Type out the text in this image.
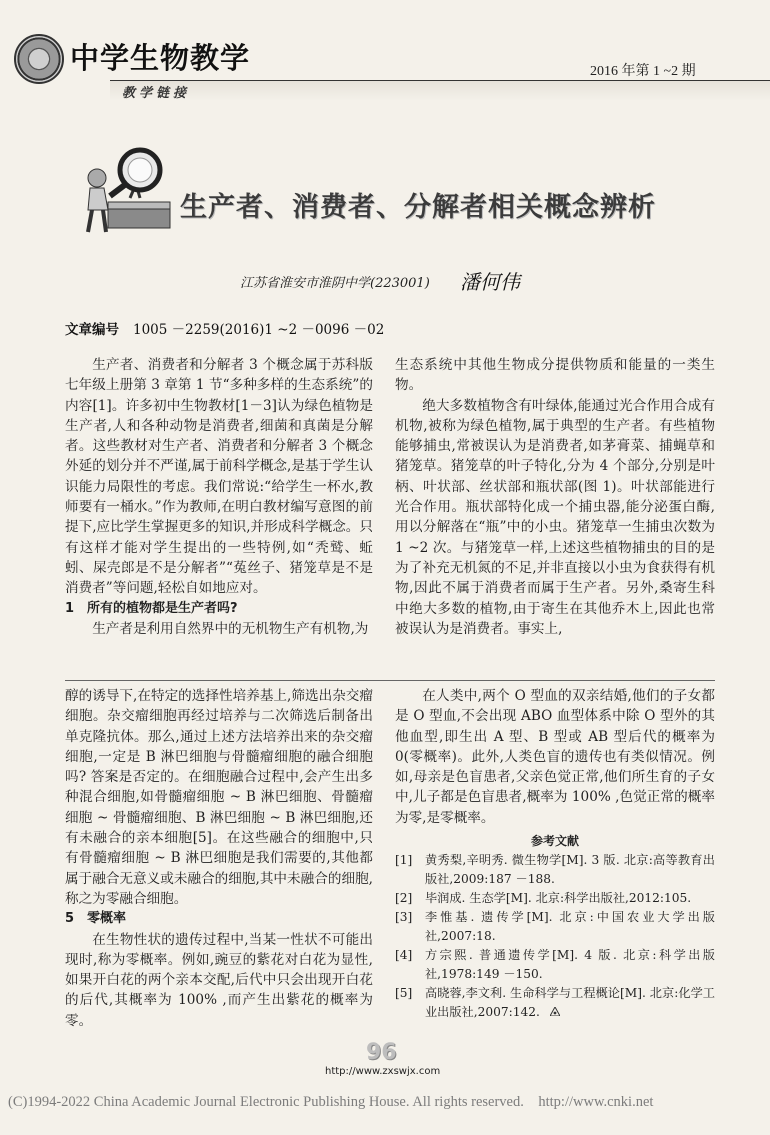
中学生物教学	2016 年第 1 ~2 期
教学链接
生产者、消费者、分解者相关概念辨析
江苏省淮安市淮阴中学(223001) 潘何伟
文章编号 1005 －2259(2016)1 ~2 －0096 －02

生产者、消费者和分解者 3 个概念属于苏科版七年级上册第 3 章第 1 节“多种多样的生态系统”的内容[1]。许多初中生物教材[1－3]认为绿色植物是生产者,人和各种动物是消费者,细菌和真菌是分解者。这些教材对生产者、消费者和分解者 3 个概念外延的划分并不严谨,属于前科学概念,是基于学生认识能力局限性的考虑。我们常说:“给学生一杯水,教师要有一桶水。”作为教师,在明白教材编写意图的前提下,应比学生掌握更多的知识,并形成科学概念。只有这样才能对学生提出的一些特例,如“秃鹫、蚯蚓、屎壳郎是不是分解者”“菟丝子、猪笼草是不是消费者”等问题,轻松自如地应对。

1　所有的植物都是生产者吗?

生产者是利用自然界中的无机物生产有机物,为

生态系统中其他生物成分提供物质和能量的一类生物。

绝大多数植物含有叶绿体,能通过光合作用合成有机物,被称为绿色植物,属于典型的生产者。有些植物能够捕虫,常被误认为是消费者,如茅膏菜、捕蝇草和猪笼草。猪笼草的叶子特化,分为 4 个部分,分别是叶柄、叶状部、丝状部和瓶状部(图 1)。叶状部能进行光合作用。瓶状部特化成一个捕虫器,能分泌蛋白酶,用以分解落在“瓶”中的小虫。猪笼草一生捕虫次数为 1 ~2 次。与猪笼草一样,上述这些植物捕虫的目的是为了补充无机氮的不足,并非直接以小虫为食获得有机物,因此不属于消费者而属于生产者。另外,桑寄生科中绝大多数的植物,由于寄生在其他乔木上,因此也常被误认为是消费者。事实上,

醇的诱导下,在特定的选择性培养基上,筛选出杂交瘤细胞。杂交瘤细胞再经过培养与二次筛选后制备出单克隆抗体。那么,通过上述方法培养出来的杂交瘤细胞,一定是 B 淋巴细胞与骨髓瘤细胞的融合细胞吗? 答案是否定的。在细胞融合过程中,会产生出多种混合细胞,如骨髓瘤细胞 ~ B 淋巴细胞、骨髓瘤细胞 ~ 骨髓瘤细胞、B 淋巴细胞 ~ B 淋巴细胞,还有未融合的亲本细胞[5]。在这些融合的细胞中,只有骨髓瘤细胞 ~ B 淋巴细胞是我们需要的,其他都属于融合无意义或未融合的细胞,其中未融合的细胞,称之为零融合细胞。

5　零概率

在生物性状的遗传过程中,当某一性状不可能出现时,称为零概率。例如,豌豆的紫花对白花为显性,如果开白花的两个亲本交配,后代中只会出现开白花的后代,其概率为 100% ,而产生出紫花的概率为零。

在人类中,两个 O 型血的双亲结婚,他们的子女都是 O 型血,不会出现 ABO 血型体系中除 O 型外的其他血型,即生出 A 型、B 型或 AB 型后代的概率为 0(零概率)。此外,人类色盲的遗传也有类似情况。例如,母亲是色盲患者,父亲色觉正常,他们所生育的子女中,儿子都是色盲患者,概率为 100% ,色觉正常的概率为零,是零概率。

参考文献
[1]	黄秀梨,辛明秀. 微生物学[M]. 3 版. 北京:高等教育出版社,2009:187 －188.
[2]	毕润成. 生态学[M]. 北京:科学出版社,2012:105.
[3]	李惟基. 遗传学[M]. 北京:中国农业大学出版社,2007:18.
[4]	方宗熙. 普通遗传学[M]. 4 版. 北京:科学出版社,1978:149 －150.
[5]	高晓蓉,李文利. 生命科学与工程概论[M]. 北京:化学工业出版社,2007:142.
96
http://www.zxswjx.com
(C)1994-2022 China Academic Journal Electronic Publishing House. All rights reserved. http://www.cnki.net
